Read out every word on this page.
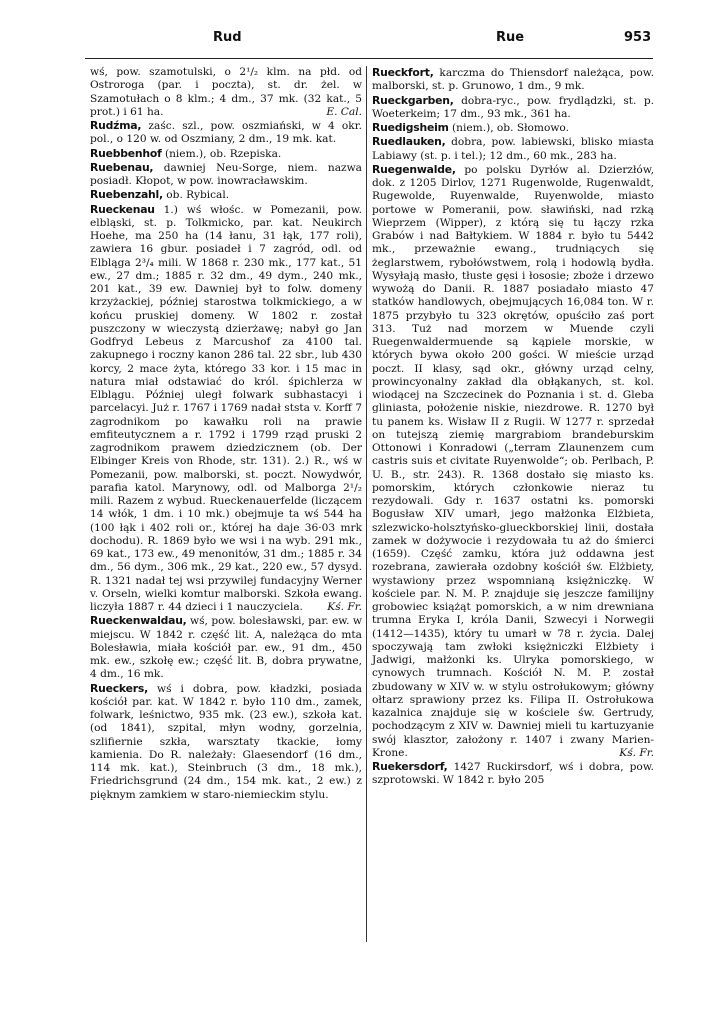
Rud	Rue	953

wś, pow. szamotulski, o 2¹/₂ klm. na płd. od Ostroroga (par. i poczta), st. dr. żel. w Szamotułach o 8 klm.; 4 dm., 37 mk. (32 kat., 5 prot.) i 61 ha.	E. Cal.

Rudźma, zaśc. szl., pow. oszmiański, w 4 okr. pol., o 120 w. od Oszmiany, 2 dm., 19 mk. kat.

Ruebbenhof (niem.), ob. Rzepiska.

Ruebenau, dawniej Neu-Sorge, niem. nazwa posiadł. Kłopot, w pow. inowracławskim.

Ruebenzahl, ob. Rybical.

Rueckenau 1.) wś włośc. w Pomezanii, pow. elbląski, st. p. Tolkmicko, par. kat. Neukirch Hoehe, ma 250 ha (14 łanu, 31 łąk, 177 roli), zawiera 16 gbur. posiadeł i 7 zagród, odl. od Elbląga 2³/₄ mili. W 1868 r. 230 mk., 177 kat., 51 ew., 27 dm.; 1885 r. 32 dm., 49 dym., 240 mk., 201 kat., 39 ew. Dawniej był to folw. domeny krzyżackiej, później starostwa tolkmickiego, a w końcu pruskiej domeny. W 1802 r. został puszczony w wieczystą dzierżawę; nabył go Jan Godfryd Lebeus z Marcushof za 4100 tal. zakupnego i roczny kanon 286 tal. 22 sbr., lub 430 korcy, 2 mace żyta, którego 33 kor. i 15 mac in natura miał odstawiać do król. śpichlerza w Elblągu. Później uległ folwark subhastacyi i parcelacyi. Już r. 1767 i 1769 nadał ststa v. Korff 7 zagrodnikom po kawałku roli na prawie emfiteutycznem a r. 1792 i 1799 rząd pruski 2 zagrodnikom prawem dziedzicznem (ob. Der Elbinger Kreis von Rhode, str. 131). 2.) R., wś w Pomezanii, pow. malborski, st. poczt. Nowydwór, parafia katol. Marynowy, odl. od Malborga 2¹/₂ mili. Razem z wybud. Rueckenauerfelde (liczącem 14 włók, 1 dm. i 10 mk.) obejmuje ta wś 544 ha (100 łąk i 402 roli or., której ha daje 36·03 mrk dochodu). R. 1869 było we wsi i na wyb. 291 mk., 69 kat., 173 ew., 49 menonitów, 31 dm.; 1885 r. 34 dm., 56 dym., 306 mk., 29 kat., 220 ew., 57 dysyd. R. 1321 nadał tej wsi przywilej fundacyjny Werner v. Orseln, wielki komtur malborski. Szkoła ewang. liczyła 1887 r. 44 dzieci i 1 nauczyciela. Kś. Fr.

Rueckenwaldau, wś, pow. bolesławski, par. ew. w miejscu. W 1842 r. część lit. A, należąca do mta Bolesławia, miała kościół par. ew., 91 dm., 450 mk. ew., szkołę ew.; część lit. B, dobra prywatne, 4 dm., 16 mk.

Rueckers, wś i dobra, pow. kładzki, posiada kościół par. kat. W 1842 r. było 110 dm., zamek, folwark, leśnictwo, 935 mk. (23 ew.), szkoła kat. (od 1841), szpital, młyn wodny, gorzelnia, szlifiernie szkła, warsztaty tkackie, łomy kamienia. Do R. należały: Glaesendorf (16 dm., 114 mk. kat.), Steinbruch (3 dm., 18 mk.), Friedrichsgrund (24 dm., 154 mk. kat., 2 ew.) z pięknym zamkiem w staro-niemieckim stylu.

Rueckfort, karczma do Thiensdorf należąca, pow. malborski, st. p. Grunowo, 1 dm., 9 mk.

Rueckgarben, dobra-ryc., pow. frydlądzki, st. p. Woeterkeim; 17 dm., 93 mk., 361 ha.

Ruedigsheim (niem.), ob. Słomowo.

Ruedlauken, dobra, pow. labiewski, blisko miasta Labiawy (st. p. i tel.); 12 dm., 60 mk., 283 ha.

Ruegenwalde, po polsku Dyrłów al. Dzierzłów, dok. z 1205 Dirlov, 1271 Rugenwolde, Rugenwaldt, Rugewolde, Ruyenwalde, Ruyenwolde, miasto portowe w Pomeranii, pow. sławiński, nad rzką Wieprzem (Wipper), z którą się tu łączy rzka Grabów i nad Bałtykiem. W 1884 r. było tu 5442 mk., przeważnie ewang., trudniących się żeglarstwem, rybołówstwem, rolą i hodowlą bydła. Wysyłają masło, tłuste gęsi i łososie; zboże i drzewo wywożą do Danii. R. 1887 posiadało miasto 47 statków handlowych, obejmujących 16,084 ton. W r. 1875 przybyło tu 323 okrętów, opuściło zaś port 313. Tuż nad morzem w Muende czyli Ruegenwaldermuende są kąpiele morskie, w których bywa około 200 gości. W mieście urząd poczt. II klasy, sąd okr., główny urząd celny, prowincyonalny zakład dla obłąkanych, st. kol. wiodącej na Szczecinek do Poznania i st. d. Gleba gliniasta, położenie niskie, niezdrowe. R. 1270 był tu panem ks. Wisław II z Rugii. W 1277 r. sprzedał on tutejszą ziemię margrabiom brandeburskim Ottonowi i Konradowi („terram Zlaunenzem cum castris suis et civitate Ruyenwolde“; ob. Perlbach, P. U. B., str. 243). R. 1368 dostało się miasto ks. pomorskim, których członkowie nieraz tu rezydowali. Gdy r. 1637 ostatni ks. pomorski Bogusław XIV umarł, jego małżonka Elżbieta, szlezwicko-holsztyńsko-glueckborskiej linii, dostała zamek w dożywocie i rezydowała tu aż do śmierci (1659). Część zamku, która już oddawna jest rozebrana, zawierała ozdobny kościół św. Elżbiety, wystawiony przez wspomnianą księżniczkę. W kościele par. N. M. P. znajduje się jeszcze familijny grobowiec książąt pomorskich, a w nim drewniana trumna Eryka I, króla Danii, Szwecyi i Norwegii (1412—1435), który tu umarł w 78 r. życia. Dalej spoczywają tam zwłoki księżniczki Elżbiety i Jadwigi, małżonki ks. Ulryka pomorskiego, w cynowych trumnach. Kościół N. M. P. został zbudowany w XIV w. w stylu ostrołukowym; główny ołtarz sprawiony przez ks. Filipa II. Ostrołukowa kazalnica znajduje się w kościele św. Gertrudy, pochodzącym z XIV w. Dawniej mieli tu kartuzyanie swój klasztor, założony r. 1407 i zwany Marien-Krone.	Kś. Fr.

Ruekersdorf, 1427 Ruckirsdorf, wś i dobra, pow. szprotowski. W 1842 r. było 205
